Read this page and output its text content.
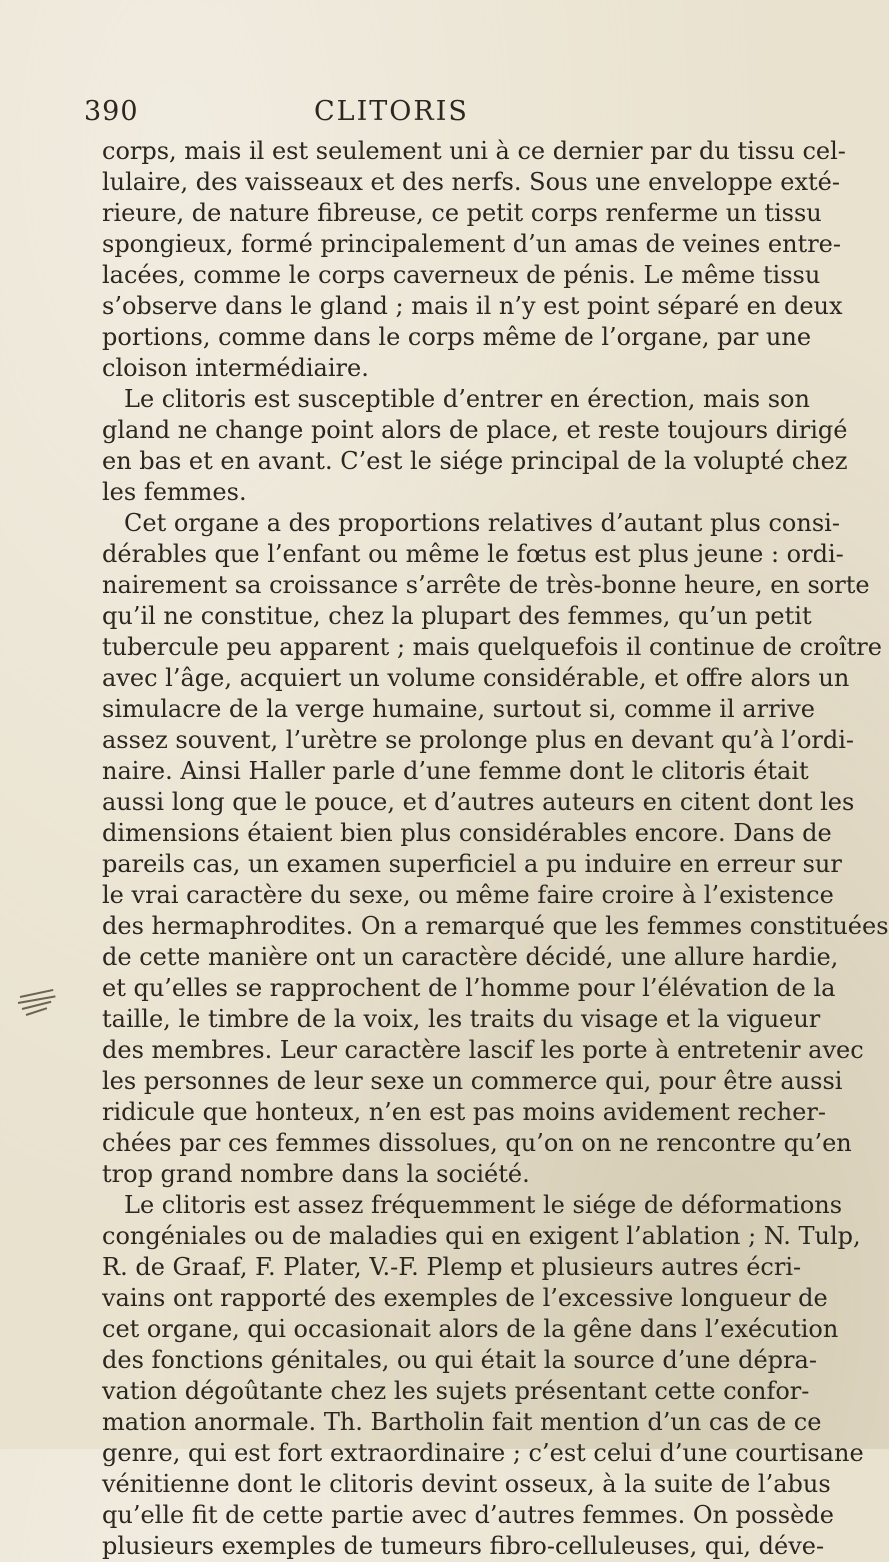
390	CLITORIS
corps, mais il est seulement uni à ce dernier par du tissu cel-
lulaire, des vaisseaux et des nerfs. Sous une enveloppe exté-
rieure, de nature fibreuse, ce petit corps renferme un tissu
spongieux, formé principalement d’un amas de veines entre-
lacées, comme le corps caverneux de pénis. Le même tissu
s’observe dans le gland ; mais il n’y est point séparé en deux
portions, comme dans le corps même de l’organe, par une
cloison intermédiaire.
Le clitoris est susceptible d’entrer en érection, mais son
gland ne change point alors de place, et reste toujours dirigé
en bas et en avant. C’est le siége principal de la volupté chez
les femmes.
Cet organe a des proportions relatives d’autant plus consi-
dérables que l’enfant ou même le fœtus est plus jeune : ordi-
nairement sa croissance s’arrête de très-bonne heure, en sorte
qu’il ne constitue, chez la plupart des femmes, qu’un petit
tubercule peu apparent ; mais quelquefois il continue de croître
avec l’âge, acquiert un volume considérable, et offre alors un
simulacre de la verge humaine, surtout si, comme il arrive
assez souvent, l’urètre se prolonge plus en devant qu’à l’ordi-
naire. Ainsi Haller parle d’une femme dont le clitoris était
aussi long que le pouce, et d’autres auteurs en citent dont les
dimensions étaient bien plus considérables encore. Dans de
pareils cas, un examen superficiel a pu induire en erreur sur
le vrai caractère du sexe, ou même faire croire à l’existence
des hermaphrodites. On a remarqué que les femmes constituées
de cette manière ont un caractère décidé, une allure hardie,
et qu’elles se rapprochent de l’homme pour l’élévation de la
taille, le timbre de la voix, les traits du visage et la vigueur
des membres. Leur caractère lascif les porte à entretenir avec
les personnes de leur sexe un commerce qui, pour être aussi
ridicule que honteux, n’en est pas moins avidement recher-
chées par ces femmes dissolues, qu’on on ne rencontre qu’en
trop grand nombre dans la société.
Le clitoris est assez fréquemment le siége de déformations
congéniales ou de maladies qui en exigent l’ablation ; N. Tulp,
R. de Graaf, F. Plater, V.-F. Plemp et plusieurs autres écri-
vains ont rapporté des exemples de l’excessive longueur de
cet organe, qui occasionait alors de la gêne dans l’exécution
des fonctions génitales, ou qui était la source d’une dépra-
vation dégoûtante chez les sujets présentant cette confor-
mation anormale. Th. Bartholin fait mention d’un cas de ce
genre, qui est fort extraordinaire ; c’est celui d’une courtisane
vénitienne dont le clitoris devint osseux, à la suite de l’abus
qu’elle fit de cette partie avec d’autres femmes. On possède
plusieurs exemples de tumeurs fibro-celluleuses, qui, déve-
